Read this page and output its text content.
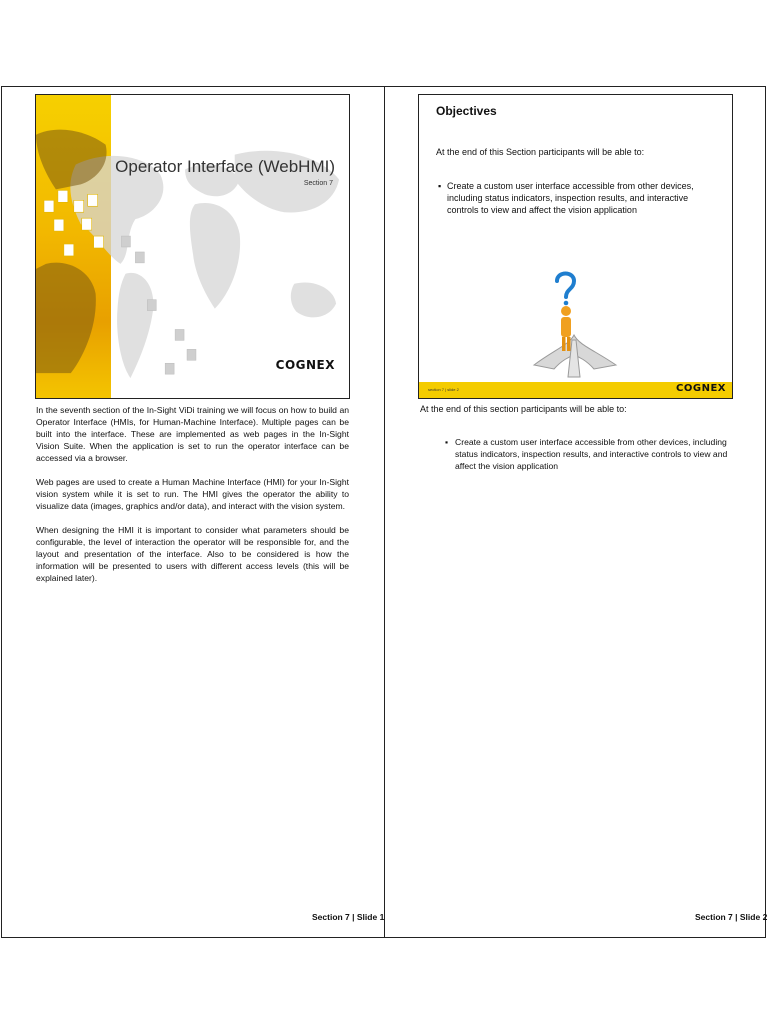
Operator Interface (WebHMI)
Section 7
COGNEX
Objectives
At the end of this Section participants will be able to:
▪ Create a custom user interface accessible from other devices, including status indicators, inspection results, and interactive controls to view and affect the vision application
section 7 | slide 2	COGNEX

In the seventh section of the In-Sight ViDi training we will focus on how to build an Operator Interface (HMIs, for Human-Machine Interface). Multiple pages can be built into the interface. These are implemented as web pages in the In-Sight Vision Suite. When the application is set to run the operator interface can be accessed via a browser.

Web pages are used to create a Human Machine Interface (HMI) for your In-Sight vision system while it is set to run. The HMI gives the operator the ability to visualize data (images, graphics and/or data), and interact with the vision system.

When designing the HMI it is important to consider what parameters should be configurable, the level of interaction the operator will be responsible for, and the layout and presentation of the interface. Also to be considered is how the information will be presented to users with different access levels (this will be explained later).

At the end of this section participants will be able to:
▪ Create a custom user interface accessible from other devices, including status indicators, inspection results, and interactive controls to view and affect the vision application
Section 7 | Slide 1	Section 7 | Slide 2
